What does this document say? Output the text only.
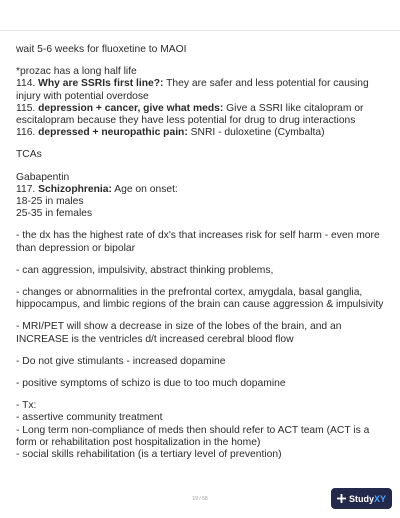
wait 5-6 weeks for fluoxetine to MAOI

*prozac has a long half life

114. Why are SSRIs first line?: They are safer and less potential for causing injury with potential overdose

115. depression + cancer, give what meds: Give a SSRI like citalopram or escitalopram because they have less potential for drug to drug interactions

116. depressed + neuropathic pain: SNRI - duloxetine (Cymbalta)

TCAs

Gabapentin

117. Schizophrenia: Age on onset:

18-25 in males

25-35 in females

- the dx has the highest rate of dx's that increases risk for self harm - even more than depression or bipolar

- can aggression, impulsivity, abstract thinking problems,

- changes or abnormalities in the prefrontal cortex, amygdala, basal ganglia, hippocampus, and limbic regions of the brain can cause aggression & impulsivity

- MRI/PET will show a decrease in size of the lobes of the brain, and an INCREASE is the ventricles d/t increased cerebral blood flow

- Do not give stimulants - increased dopamine

- positive symptoms of schizo is due to too much dopamine

- Tx:

- assertive community treatment

- Long term non-compliance of meds then should refer to ACT team (ACT is a form or rehabilitation post hospitalization in the home)

- social skills rehabilitation (is a tertiary level of prevention)

19 / 58	StudyXY
